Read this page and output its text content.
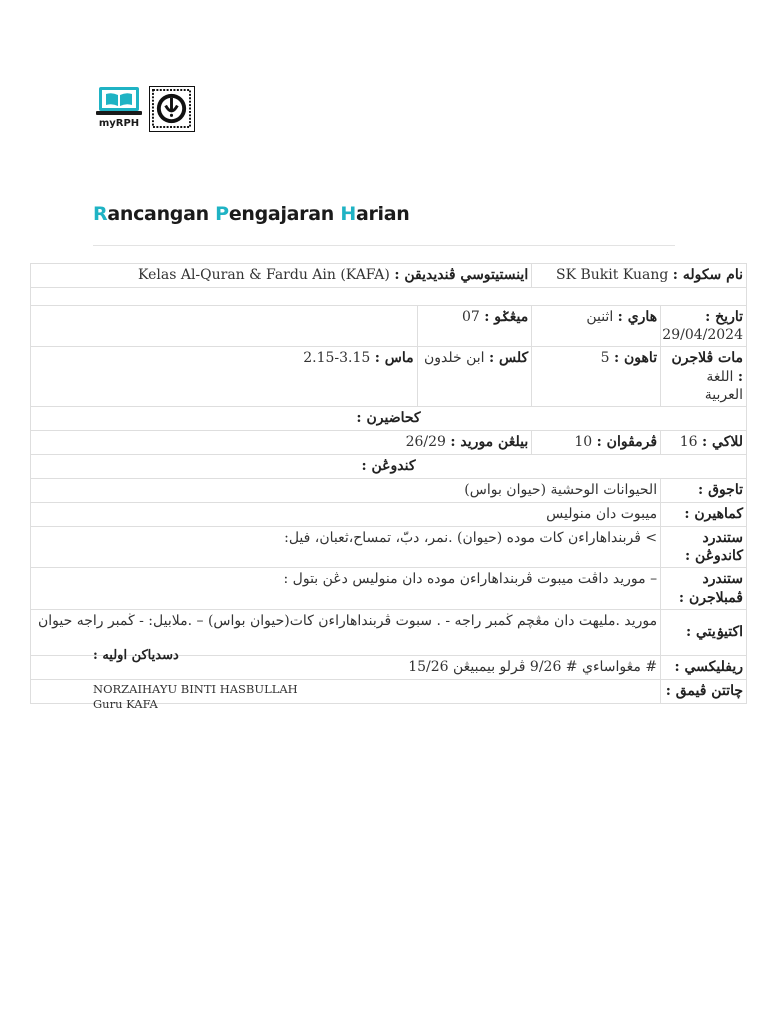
myRPH
Rancangan Pengajaran Harian
نام سکوله : SK Bukit Kuang		اينستيتوسي ڤنديديقن : Kelas Al-Quran & Fardu Ain (KAFA)	

تاريخ : 29/04/2024	هاري : اثنين	ميڠݢو : 07	
مات ڤلاجرن : اللغة العربية	تاهون : 5	كلس : ابن خلدون	ماس : 3.15-2.15
كحاضيرن :			
للاكي : 16	ڤرمڤوان : 10	بيلڠن موريد : 26/29	
كندوڠن :			
تاجوق :	الحيوانات الوحشية (حيوان بواس)		
كماهيرن :	ميبوت دان منوليس		
ستندرد كاندوڠن :	> ڤربنداهاراءن كات موده (حيوان) .نمر، دبّ، تمساح،ثعبان، فيل:		
ستندرد ڤمبلاجرن :	– موريد داڤت ميبوت ڤربنداهاراءن موده دان منوليس دڠن بتول :		
اكتيۏيتي :	موريد .مليهت دان مڠچم ڬمبر راجه - . سبوت ڤربنداهاراءن كات(حيوان بواس) – .ملابيل: - ڬمبر راجه حيوان		
ريفليكسي :	# مڠواساءي # 9/26 ڤرلو بيمبيڠن 15/26		
چاتتن ڤيمق :			
دسدياكن اوليه :
NORZAIHAYU BINTI HASBULLAH
Guru KAFA
